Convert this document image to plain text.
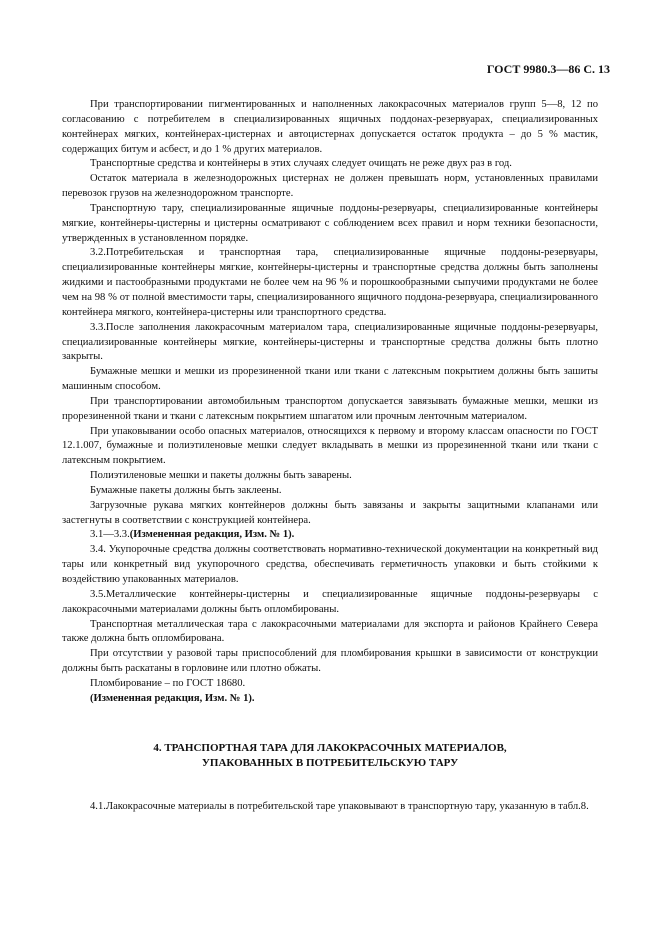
ГОСТ 9980.3—86 С. 13

При транспортировании пигментированных и наполненных лакокрасочных материалов групп 5—8, 12 по согласованию с потребителем в специализированных ящичных поддонах-резервуарах, специализированных контейнерах мягких, контейнерах-цистернах и автоцистернах допускается остаток продукта – до 5 % мастик, содержащих битум и асбест, и до 1 % других материалов.

Транспортные средства и контейнеры в этих случаях следует очищать не реже двух раз в год.

Остаток материала в железнодорожных цистернах не должен превышать норм, установленных правилами перевозок грузов на железнодорожном транспорте.

Транспортную тару, специализированные ящичные поддоны-резервуары, специализированные контейнеры мягкие, контейнеры-цистерны и цистерны осматривают с соблюдением всех правил и норм техники безопасности, утвержденных в установленном порядке.

3.2.Потребительская и транспортная тара, специализированные ящичные поддоны-резервуары, специализированные контейнеры мягкие, контейнеры-цистерны и транспортные средства должны быть заполнены жидкими и пастообразными продуктами не более чем на 96 % и порошкообразными сыпучими продуктами не более чем на 98 % от полной вместимости тары, специализированного ящичного поддона-резервуара, специализированного контейнера мягкого, контейнера-цистерны или транспортного средства.

3.3.После заполнения лакокрасочным материалом тара, специализированные ящичные поддоны-резервуары, специализированные контейнеры мягкие, контейнеры-цистерны и транспортные средства должны быть плотно закрыты.

Бумажные мешки и мешки из прорезиненной ткани или ткани с латексным покрытием должны быть зашиты машинным способом.

При транспортировании автомобильным транспортом допускается завязывать бумажные мешки, мешки из прорезиненной ткани и ткани с латексным покрытием шпагатом или прочным ленточным материалом.

При упаковывании особо опасных материалов, относящихся к первому и второму классам опасности по ГОСТ 12.1.007, бумажные и полиэтиленовые мешки следует вкладывать в мешки из прорезиненной ткани или ткани с латексным покрытием.

Полиэтиленовые мешки и пакеты должны быть заварены.

Бумажные пакеты должны быть заклеены.

Загрузочные рукава мягких контейнеров должны быть завязаны и закрыты защитными клапанами или застегнуты в соответствии с конструкцией контейнера.

3.1—3.3.(Измененная редакция, Изм. № 1).

3.4. Укупорочные средства должны соответствовать нормативно-технической документации на конкретный вид тары или конкретный вид укупорочного средства, обеспечивать герметичность упаковки и быть стойкими к воздействию упакованных материалов.

3.5.Металлические контейнеры-цистерны и специализированные ящичные поддоны-резервуары с лакокрасочными материалами должны быть опломбированы.

Транспортная металлическая тара с лакокрасочными материалами для экспорта и районов Крайнего Севера также должна быть опломбирована.

При отсутствии у разовой тары приспособлений для пломбирования крышки в зависимости от конструкции должны быть раскатаны в горловине или плотно обжаты.

Пломбирование – по ГОСТ 18680.

(Измененная редакция, Изм. № 1).

4. ТРАНСПОРТНАЯ ТАРА ДЛЯ ЛАКОКРАСОЧНЫХ МАТЕРИАЛОВ,
УПАКОВАННЫХ В ПОТРЕБИТЕЛЬСКУЮ ТАРУ

4.1.Лакокрасочные материалы в потребительской таре упаковывают в транспортную тару, указанную в табл.8.
